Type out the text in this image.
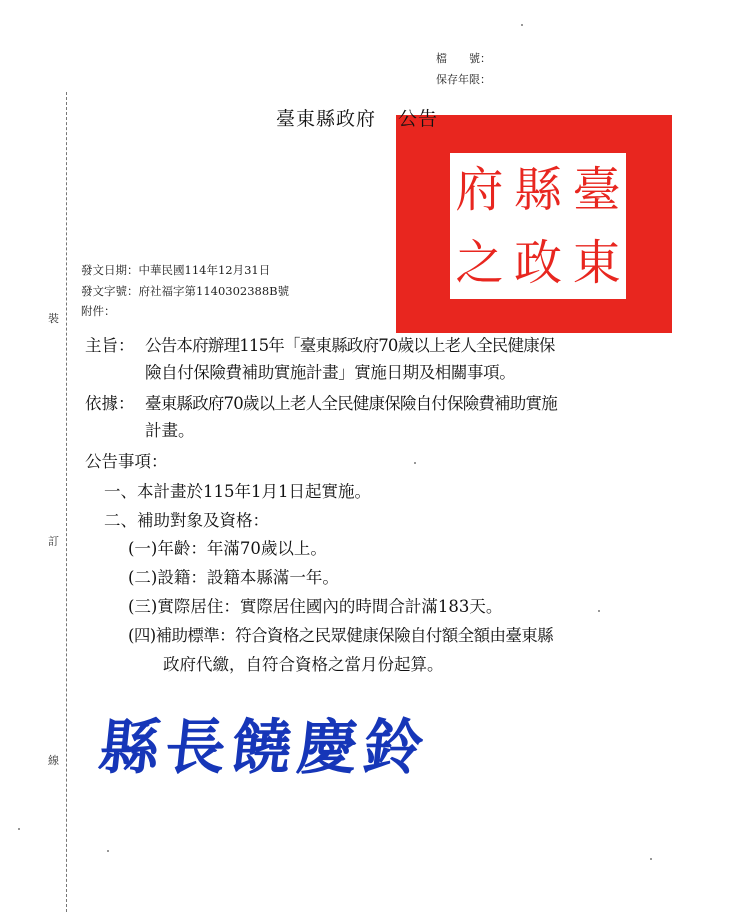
裝
訂
線
檔　　號：
保存年限：
府 縣 臺
之 政 東
臺東縣政府 公告
發文日期：中華民國114年12月31日
發文字號：府社福字第1140302388B號
附件：
主旨： 公告本府辦理115年「臺東縣政府70歲以上老人全民健康保
險自付保險費補助實施計畫」實施日期及相關事項。
依據： 臺東縣政府70歲以上老人全民健康保險自付保險費補助實施
計畫。
公告事項：
一、本計畫於115年1月1日起實施。
二、補助對象及資格：
(一)年齡：年滿70歲以上。
(二)設籍：設籍本縣滿一年。
(三)實際居住：實際居住國內的時間合計滿183天。
(四)補助標準：符合資格之民眾健康保險自付額全額由臺東縣
政府代繳，自符合資格之當月份起算。
縣長饒慶鈴
